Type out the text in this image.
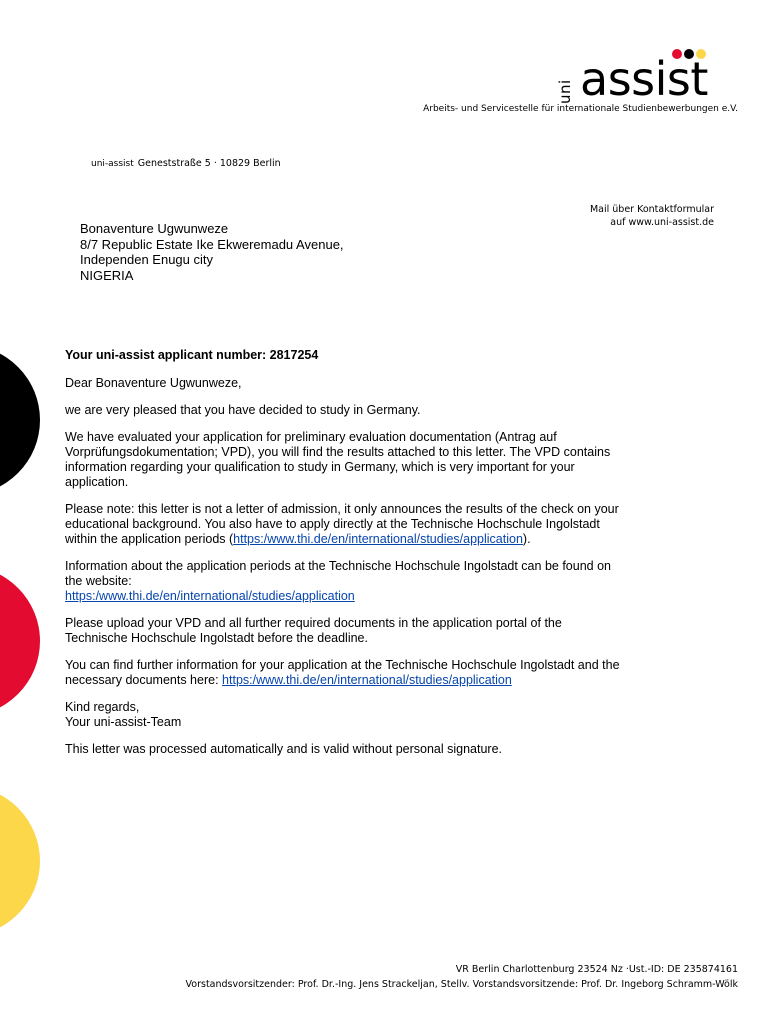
uni assist
Arbeits- und Servicestelle für internationale Studienbewerbungen e.V.
uni-assist Geneststraße 5 · 10829 Berlin
Mail über Kontaktformular
auf www.uni-assist.de
Bonaventure Ugwunweze
8/7 Republic Estate Ike Ekweremadu Avenue,
Independen Enugu city
NIGERIA

Your uni-assist applicant number: 2817254

Dear Bonaventure Ugwunweze,

we are very pleased that you have decided to study in Germany.

We have evaluated your application for preliminary evaluation documentation (Antrag auf Vorprüfungsdokumentation; VPD), you will find the results attached to this letter. The VPD contains information regarding your qualification to study in Germany, which is very important for your application.

Please note: this letter is not a letter of admission, it only announces the results of the check on your educational background. You also have to apply directly at the Technische Hochschule Ingolstadt within the application periods (https:/www.thi.de/en/international/studies/application).

Information about the application periods at the Technische Hochschule Ingolstadt can be found on the website:
https:/www.thi.de/en/international/studies/application

Please upload your VPD and all further required documents in the application portal of the Technische Hochschule Ingolstadt before the deadline.

You can find further information for your application at the Technische Hochschule Ingolstadt and the necessary documents here: https:/www.thi.de/en/international/studies/application

Kind regards,
Your uni-assist-Team

This letter was processed automatically and is valid without personal signature.

VR Berlin Charlottenburg 23524 Nz ·Ust.-ID: DE 235874161
Vorstandsvorsitzender: Prof. Dr.-Ing. Jens Strackeljan, Stellv. Vorstandsvorsitzende: Prof. Dr. Ingeborg Schramm-Wölk
